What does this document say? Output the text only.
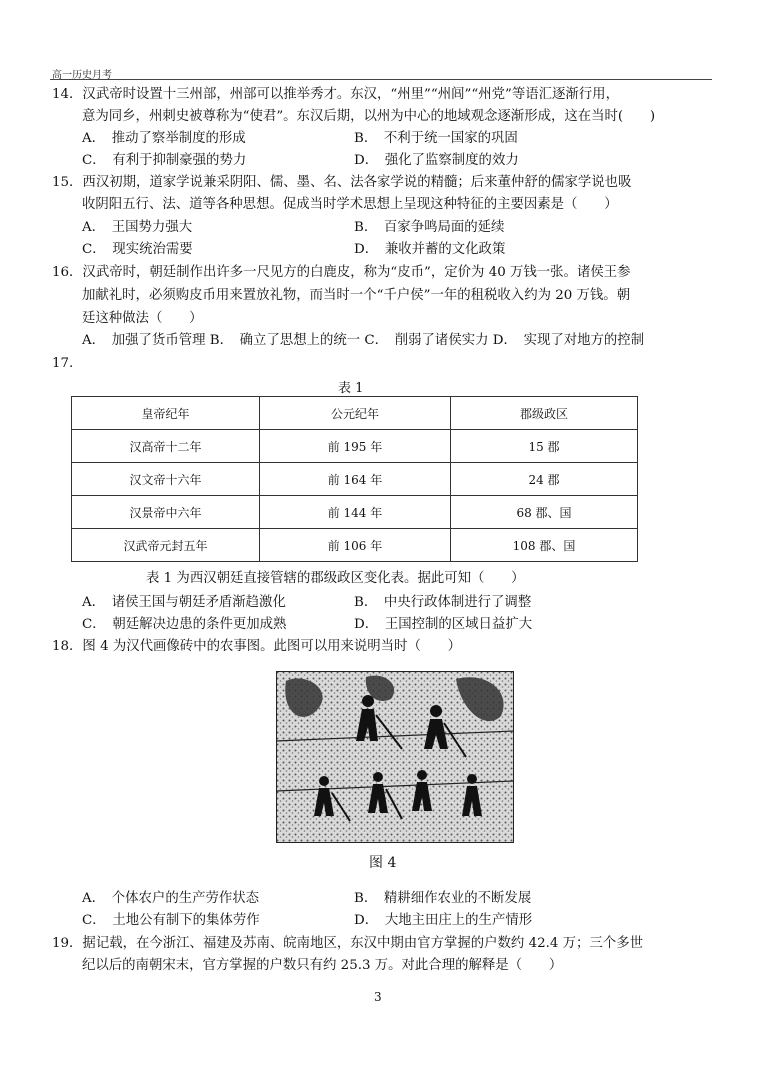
高一历史月考
14．汉武帝时设置十三州部，州部可以推举秀才。东汉，“州里”“州闾”“州党”等语汇逐渐行用，
意为同乡，州刺史被尊称为“使君”。东汉后期，以州为中心的地域观念逐渐形成，这在当时(　　)
A．　推动了察举制度的形成	B．　不利于统一国家的巩固
C．　有利于抑制豪强的势力	D．　强化了监察制度的效力
15．西汉初期，道家学说兼采阴阳、儒、墨、名、法各家学说的精髓；后来董仲舒的儒家学说也吸
收阴阳五行、法、道等各种思想。促成当时学术思想上呈现这种特征的主要因素是（　　）
A．　王国势力强大	B．　百家争鸣局面的延续
C．　现实统治需要	D．　兼收并蓄的文化政策
16．汉武帝时，朝廷制作出许多一尺见方的白鹿皮，称为“皮币”，定价为 40 万钱一张。诸侯王参
加献礼时，必须购皮币用来置放礼物，而当时一个“千户侯”一年的租税收入约为 20 万钱。朝
廷这种做法（　　）
A．　加强了货币管理 B．　确立了思想上的统一 C．　削弱了诸侯实力 D．　实现了对地方的控制
17.
表 1
皇帝纪年	公元纪年	郡级政区
汉高帝十二年	前 195 年	15 郡
汉文帝十六年	前 164 年	24 郡
汉景帝中六年	前 144 年	68 郡、国
汉武帝元封五年	前 106 年	108 郡、国
表 1 为西汉朝廷直接管辖的郡级政区变化表。据此可知（　　）
A．　诸侯王国与朝廷矛盾渐趋激化	B．　中央行政体制进行了调整
C．　朝廷解决边患的条件更加成熟	D．　王国控制的区域日益扩大
18．图 4 为汉代画像砖中的农事图。此图可以用来说明当时（　　）
图 4
A．　个体农户的生产劳作状态	B．　精耕细作农业的不断发展
C．　土地公有制下的集体劳作	D．　大地主田庄上的生产情形
19．据记载，在今浙江、福建及苏南、皖南地区，东汉中期由官方掌握的户数约 42.4 万；三个多世
纪以后的南朝宋末，官方掌握的户数只有约 25.3 万。对此合理的解释是（　　）
3
